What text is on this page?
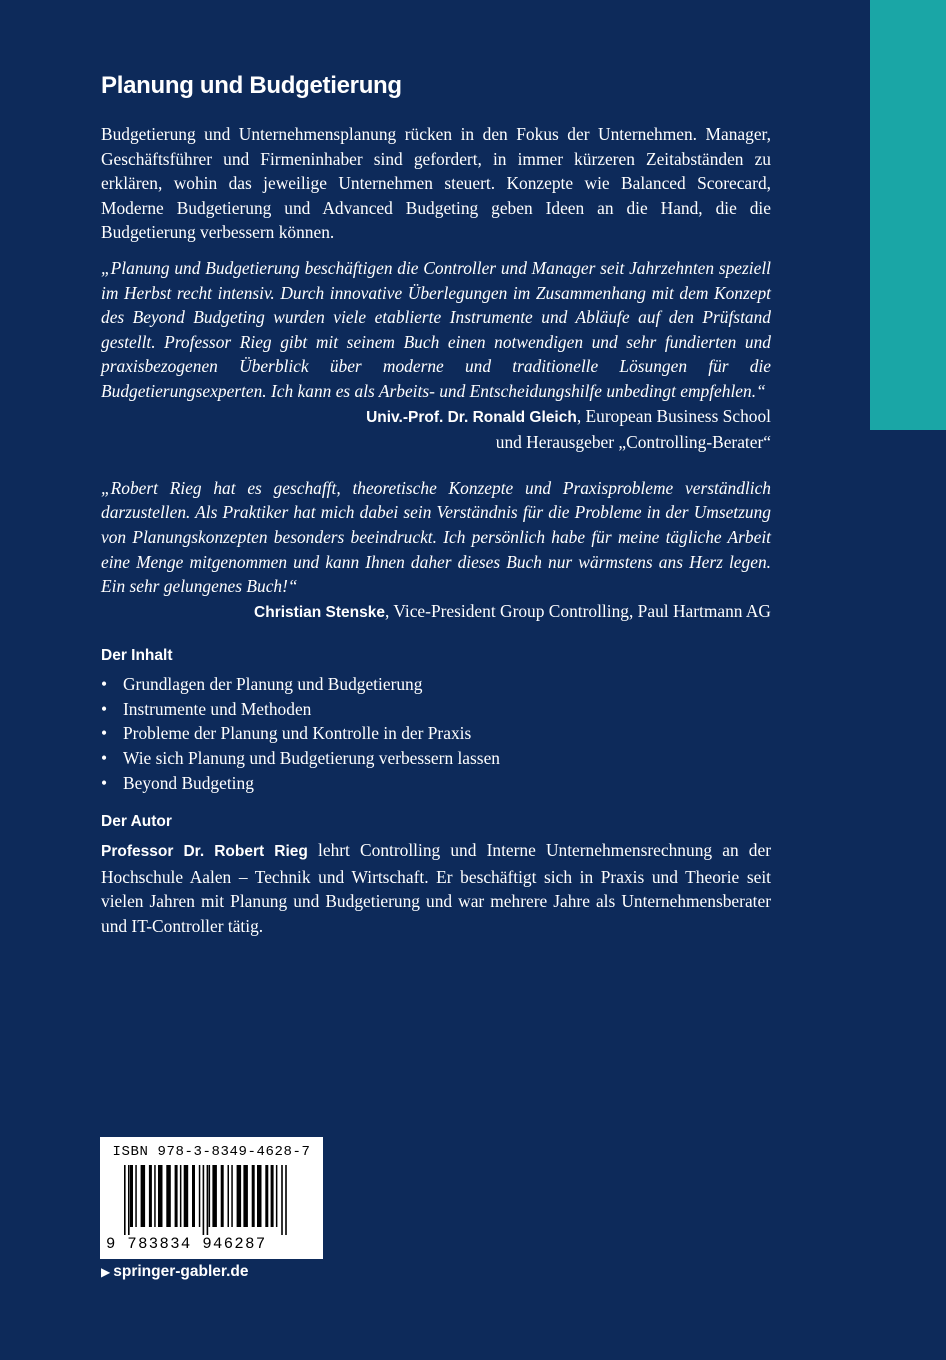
Planung und Budgetierung

Budgetierung und Unternehmensplanung rücken in den Fokus der Unternehmen. Manager, Geschäftsführer und Firmeninhaber sind gefordert, in immer kürzeren Zeitabständen zu erklären, wohin das jeweilige Unternehmen steuert. Konzepte wie Balanced Scorecard, Moderne Budgetierung und Advanced Budgeting geben Ideen an die Hand, die die Budgetierung verbessern können.

„Planung und Budgetierung beschäftigen die Controller und Manager seit Jahrzehnten speziell im Herbst recht intensiv. Durch innovative Überlegungen im Zusammenhang mit dem Konzept des Beyond Budgeting wurden viele etablierte Instrumente und Abläufe auf den Prüfstand gestellt. Professor Rieg gibt mit seinem Buch einen notwendigen und sehr fundierten und praxisbezogenen Überblick über moderne und traditionelle Lösungen für die Budgetierungsexperten. Ich kann es als Arbeits- und Entscheidungshilfe unbedingt empfehlen.“

Univ.-Prof. Dr. Ronald Gleich, European Business School
und Herausgeber „Controlling-Berater“

„Robert Rieg hat es geschafft, theoretische Konzepte und Praxisprobleme verständlich darzustellen. Als Praktiker hat mich dabei sein Verständnis für die Probleme in der Umsetzung von Planungskonzepten besonders beeindruckt. Ich persönlich habe für meine tägliche Arbeit eine Menge mitgenommen und kann Ihnen daher dieses Buch nur wärmstens ans Herz legen. Ein sehr gelungenes Buch!“

Christian Stenske, Vice-President Group Controlling, Paul Hartmann AG

Der Inhalt
• Grundlagen der Planung und Budgetierung
• Instrumente und Methoden
• Probleme der Planung und Kontrolle in der Praxis
• Wie sich Planung und Budgetierung verbessern lassen
• Beyond Budgeting
Der Autor

Professor Dr. Robert Rieg lehrt Controlling und Interne Unternehmensrechnung an der Hochschule Aalen – Technik und Wirtschaft. Er beschäftigt sich in Praxis und Theorie seit vielen Jahren mit Planung und Budgetierung und war mehrere Jahre als Unternehmensberater und IT-Controller tätig.

ISBN 978-3-8349-4628-7
9 783834 946287
▶ springer-gabler.de
